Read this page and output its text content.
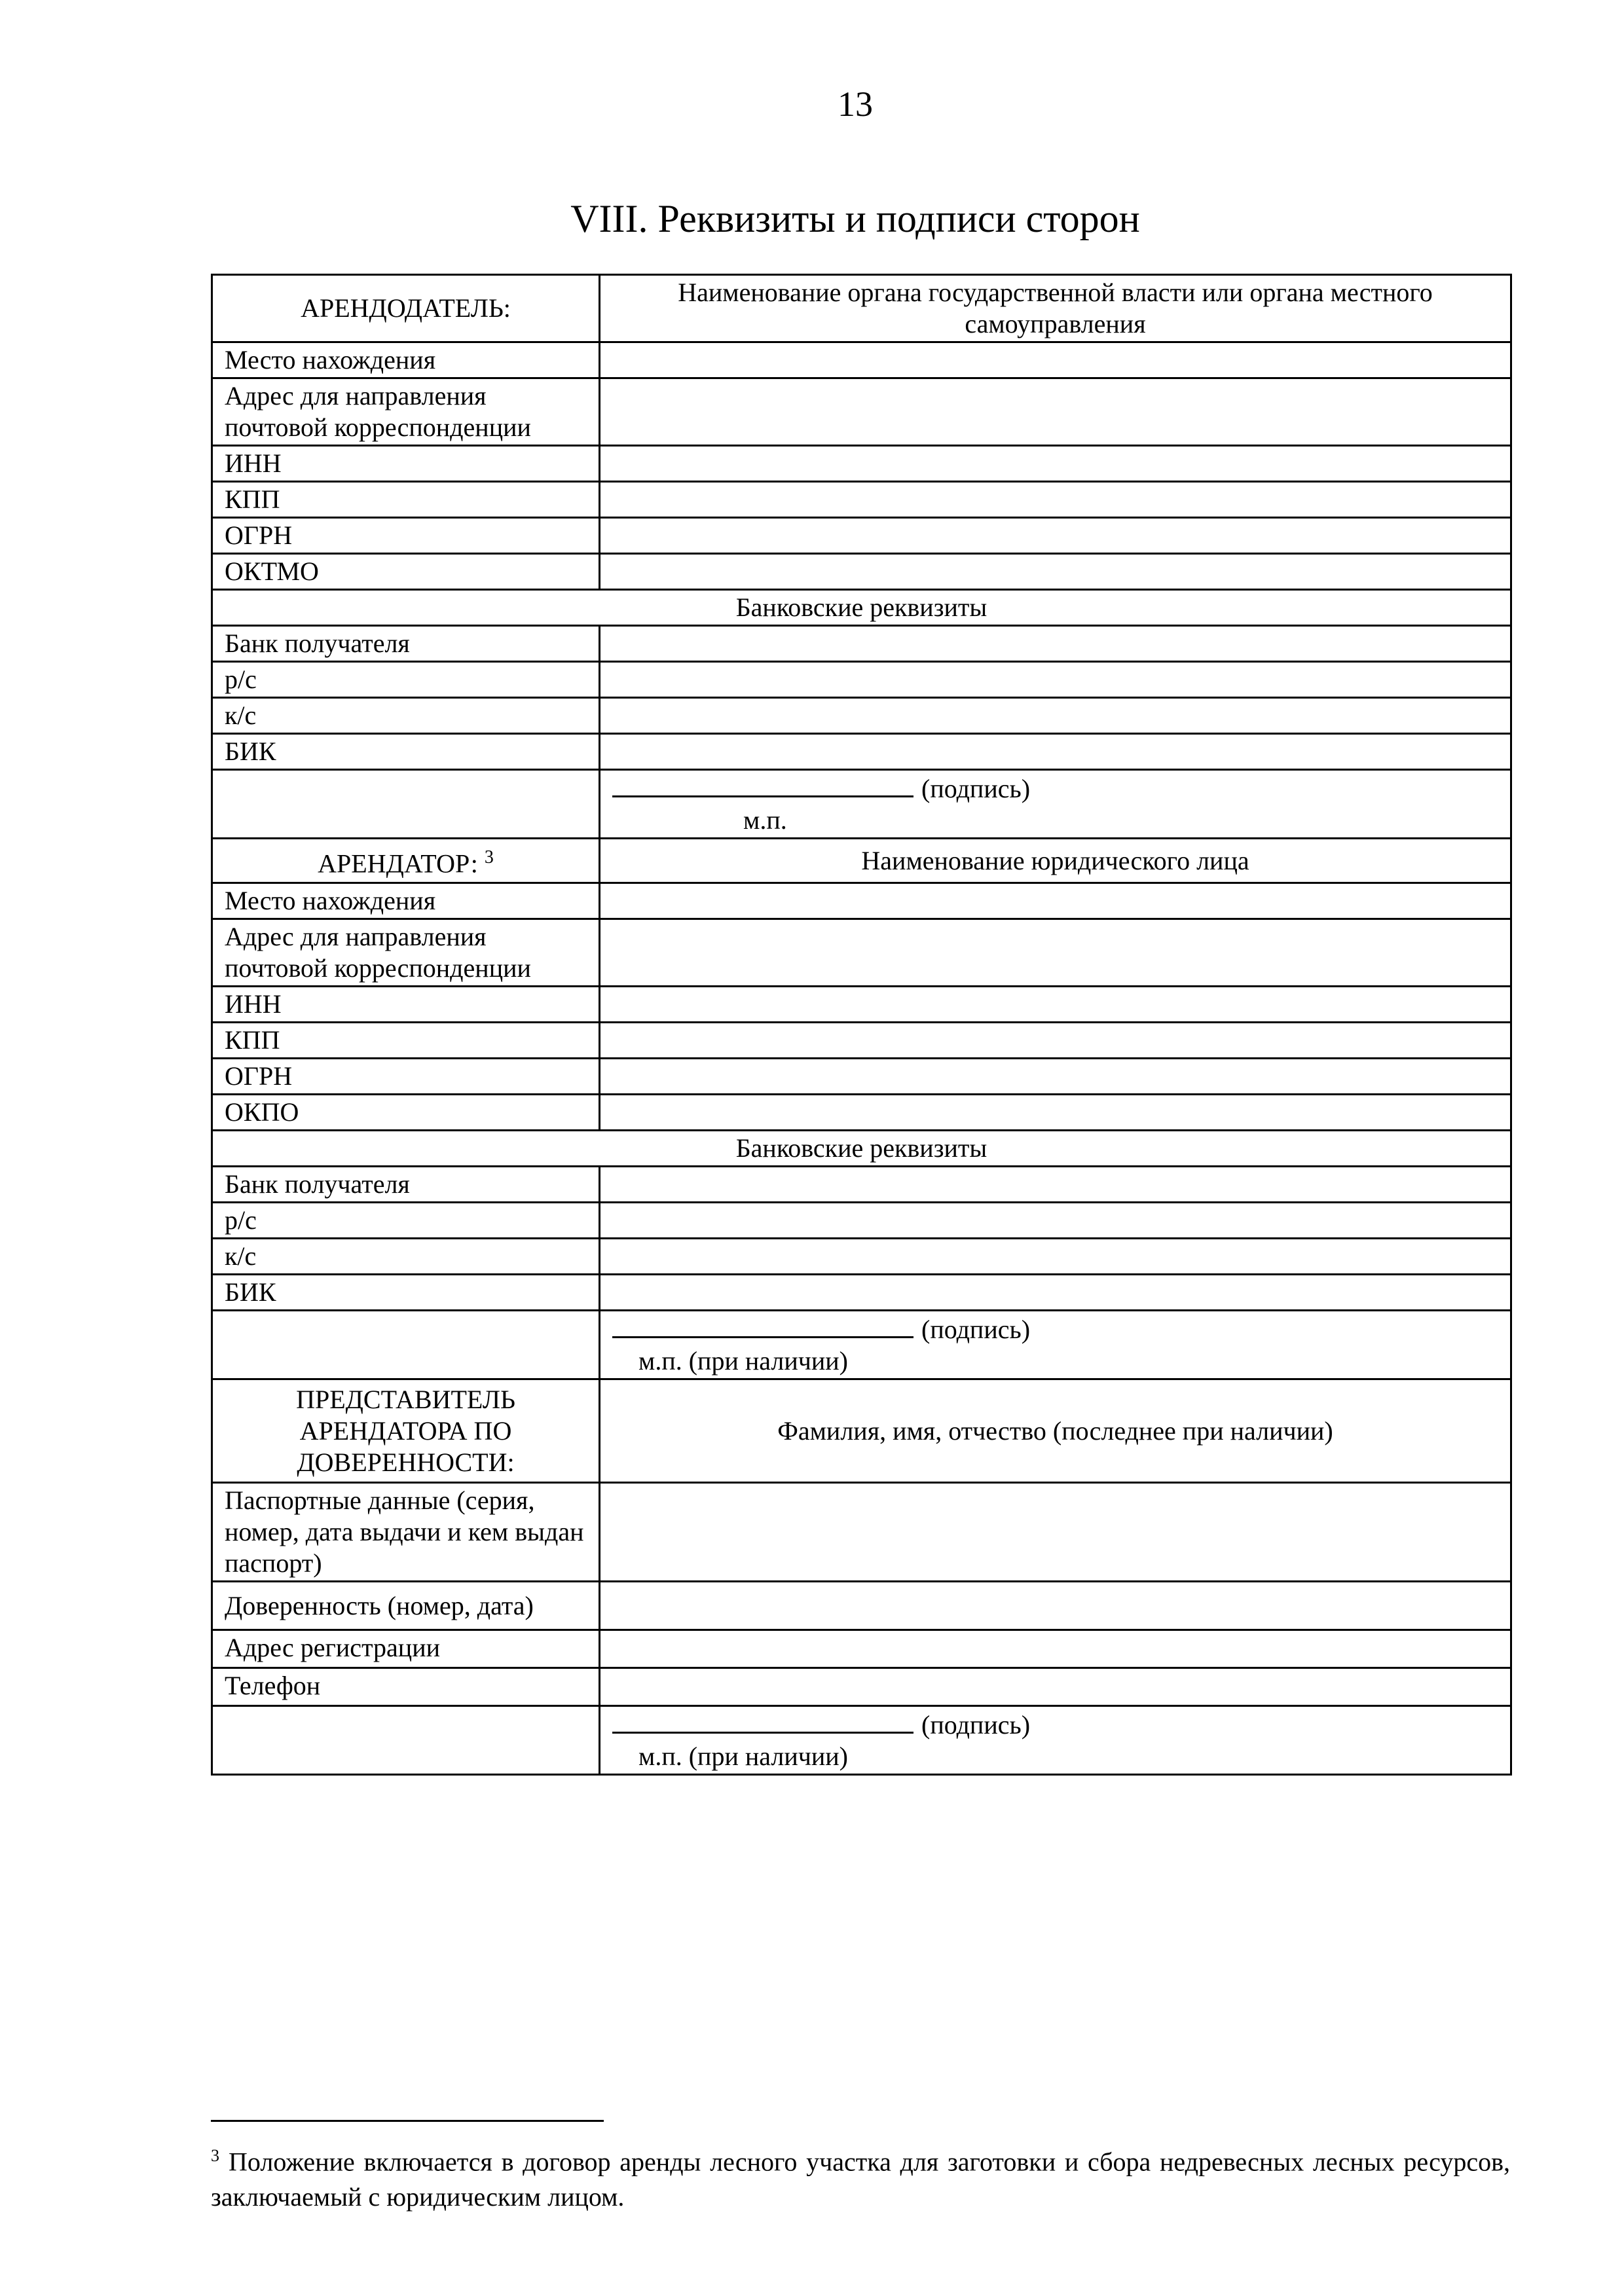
13
VIII. Реквизиты и подписи сторон
АРЕНДОДАТЕЛЬ:	Наименование органа государственной власти или органа местного самоуправления
Место нахождения	
Адрес для направления почтовой корреспонденции	
ИНН	
КПП	
ОГРН	
ОКТМО	
Банковские реквизиты	
Банк получателя	
р/с	
к/с	
БИК	
	(подпись)
м.п.

АРЕНДАТОР: $^3$	Наименование юридического лица
Место нахождения	
Адрес для направления почтовой корреспонденции	
ИНН	
КПП	
ОГРН	
ОКПО	
Банковские реквизиты	
Банк получателя	
р/с	
к/с	
БИК	
	(подпись)
м.п. (при наличии)

ПРЕДСТАВИТЕЛЬ АРЕНДАТОРА ПО ДОВЕРЕННОСТИ:	Фамилия, имя, отчество (последнее при наличии)
Паспортные данные (серия, номер, дата выдачи и кем выдан паспорт)	
Доверенность (номер, дата)	
Адрес регистрации	
Телефон	
	(подпись)
м.п. (при наличии)
$^3$ Положение включается в договор аренды лесного участка для заготовки и сбора недревесных лесных ресурсов, заключаемый с юридическим лицом.
